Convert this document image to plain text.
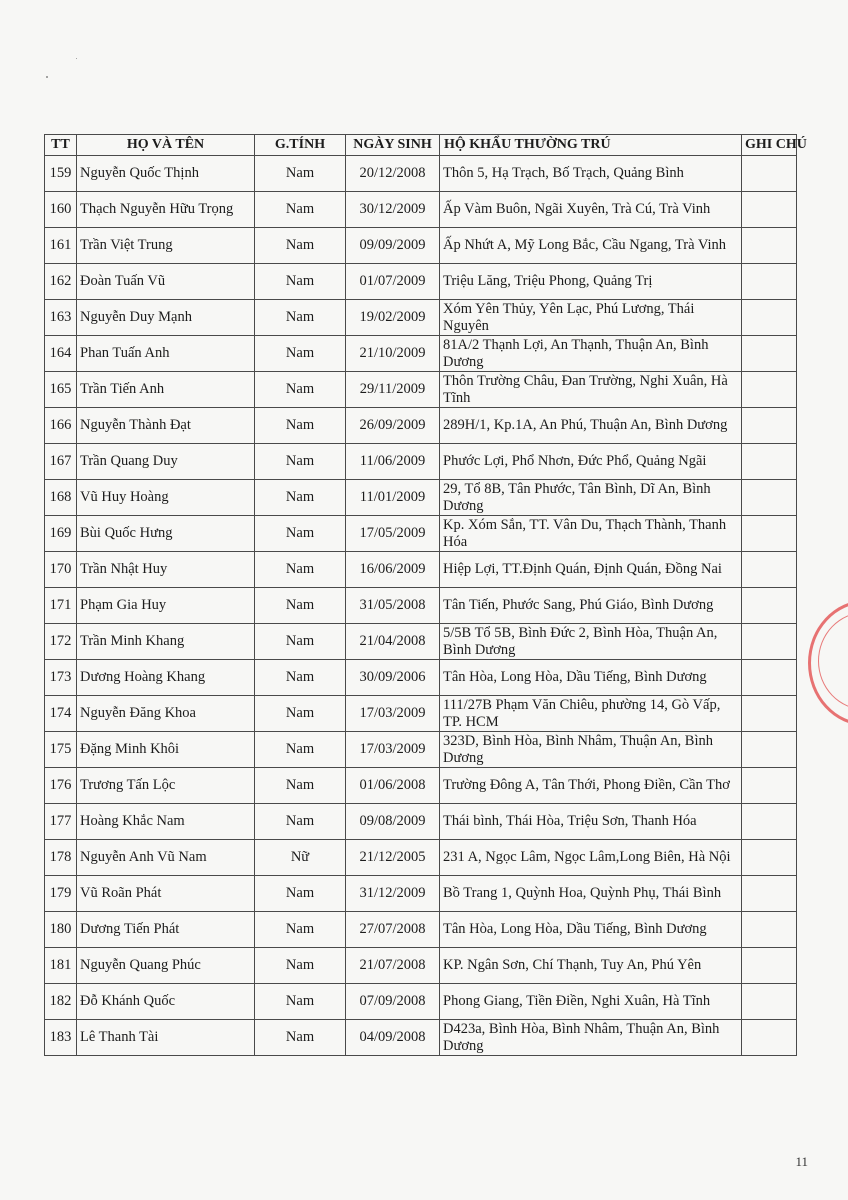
TT	HỌ VÀ TÊN	G.TÍNH	NGÀY SINH	HỘ KHẨU THƯỜNG TRÚ	GHI CHÚ
159	Nguyễn Quốc Thịnh	Nam	20/12/2008	Thôn 5, Hạ Trạch, Bố Trạch, Quảng Bình	
160	Thạch Nguyễn Hữu Trọng	Nam	30/12/2009	Ấp Vàm Buôn, Ngãi Xuyên, Trà Cú, Trà Vinh	
161	Trần Việt Trung	Nam	09/09/2009	Ấp Nhứt A, Mỹ Long Bắc, Cầu Ngang, Trà Vinh	
162	Đoàn Tuấn Vũ	Nam	01/07/2009	Triệu Lăng, Triệu Phong, Quảng Trị	
163	Nguyễn Duy Mạnh	Nam	19/02/2009	Xóm Yên Thủy, Yên Lạc, Phú Lương, Thái Nguyên	
164	Phan Tuấn Anh	Nam	21/10/2009	81A/2 Thạnh Lợi, An Thạnh, Thuận An, Bình Dương	
165	Trần Tiến Anh	Nam	29/11/2009	Thôn Trường Châu, Đan Trường, Nghi Xuân, Hà Tĩnh	
166	Nguyễn Thành Đạt	Nam	26/09/2009	289H/1, Kp.1A, An Phú, Thuận An, Bình Dương	
167	Trần Quang Duy	Nam	11/06/2009	Phước Lợi, Phổ Nhơn, Đức Phổ, Quảng Ngãi	
168	Vũ Huy Hoàng	Nam	11/01/2009	29, Tổ 8B, Tân Phước, Tân Bình, Dĩ An, Bình Dương	
169	Bùi Quốc Hưng	Nam	17/05/2009	Kp. Xóm Sắn, TT. Vân Du, Thạch Thành, Thanh Hóa	
170	Trần Nhật Huy	Nam	16/06/2009	Hiệp Lợi, TT.Định Quán, Định Quán, Đồng Nai	
171	Phạm Gia Huy	Nam	31/05/2008	Tân Tiến, Phước Sang, Phú Giáo, Bình Dương	
172	Trần Minh Khang	Nam	21/04/2008	5/5B Tổ 5B, Bình Đức 2, Bình Hòa, Thuận An, Bình Dương	
173	Dương Hoàng Khang	Nam	30/09/2006	Tân Hòa, Long Hòa, Dầu Tiếng, Bình Dương	
174	Nguyễn Đăng Khoa	Nam	17/03/2009	111/27B Phạm Văn Chiêu, phường 14, Gò Vấp, TP. HCM	
175	Đặng Minh Khôi	Nam	17/03/2009	323D, Bình Hòa, Bình Nhâm, Thuận An, Bình Dương	
176	Trương Tấn Lộc	Nam	01/06/2008	Trường Đông A, Tân Thới, Phong Điền, Cần Thơ	
177	Hoàng Khắc Nam	Nam	09/08/2009	Thái bình, Thái Hòa, Triệu Sơn, Thanh Hóa	
178	Nguyễn Anh Vũ Nam	Nữ	21/12/2005	231 A, Ngọc Lâm, Ngọc Lâm,Long Biên, Hà Nội	
179	Vũ Roãn Phát	Nam	31/12/2009	Bồ Trang 1, Quỳnh Hoa, Quỳnh Phụ, Thái Bình	
180	Dương Tiến Phát	Nam	27/07/2008	Tân Hòa, Long Hòa, Dầu Tiếng, Bình Dương	
181	Nguyễn Quang Phúc	Nam	21/07/2008	KP. Ngân Sơn, Chí Thạnh, Tuy An, Phú Yên	
182	Đỗ Khánh Quốc	Nam	07/09/2008	Phong Giang, Tiền Điền, Nghi Xuân, Hà Tĩnh	
183	Lê Thanh Tài	Nam	04/09/2008	D423a, Bình Hòa, Bình Nhâm, Thuận An, Bình Dương	
11
